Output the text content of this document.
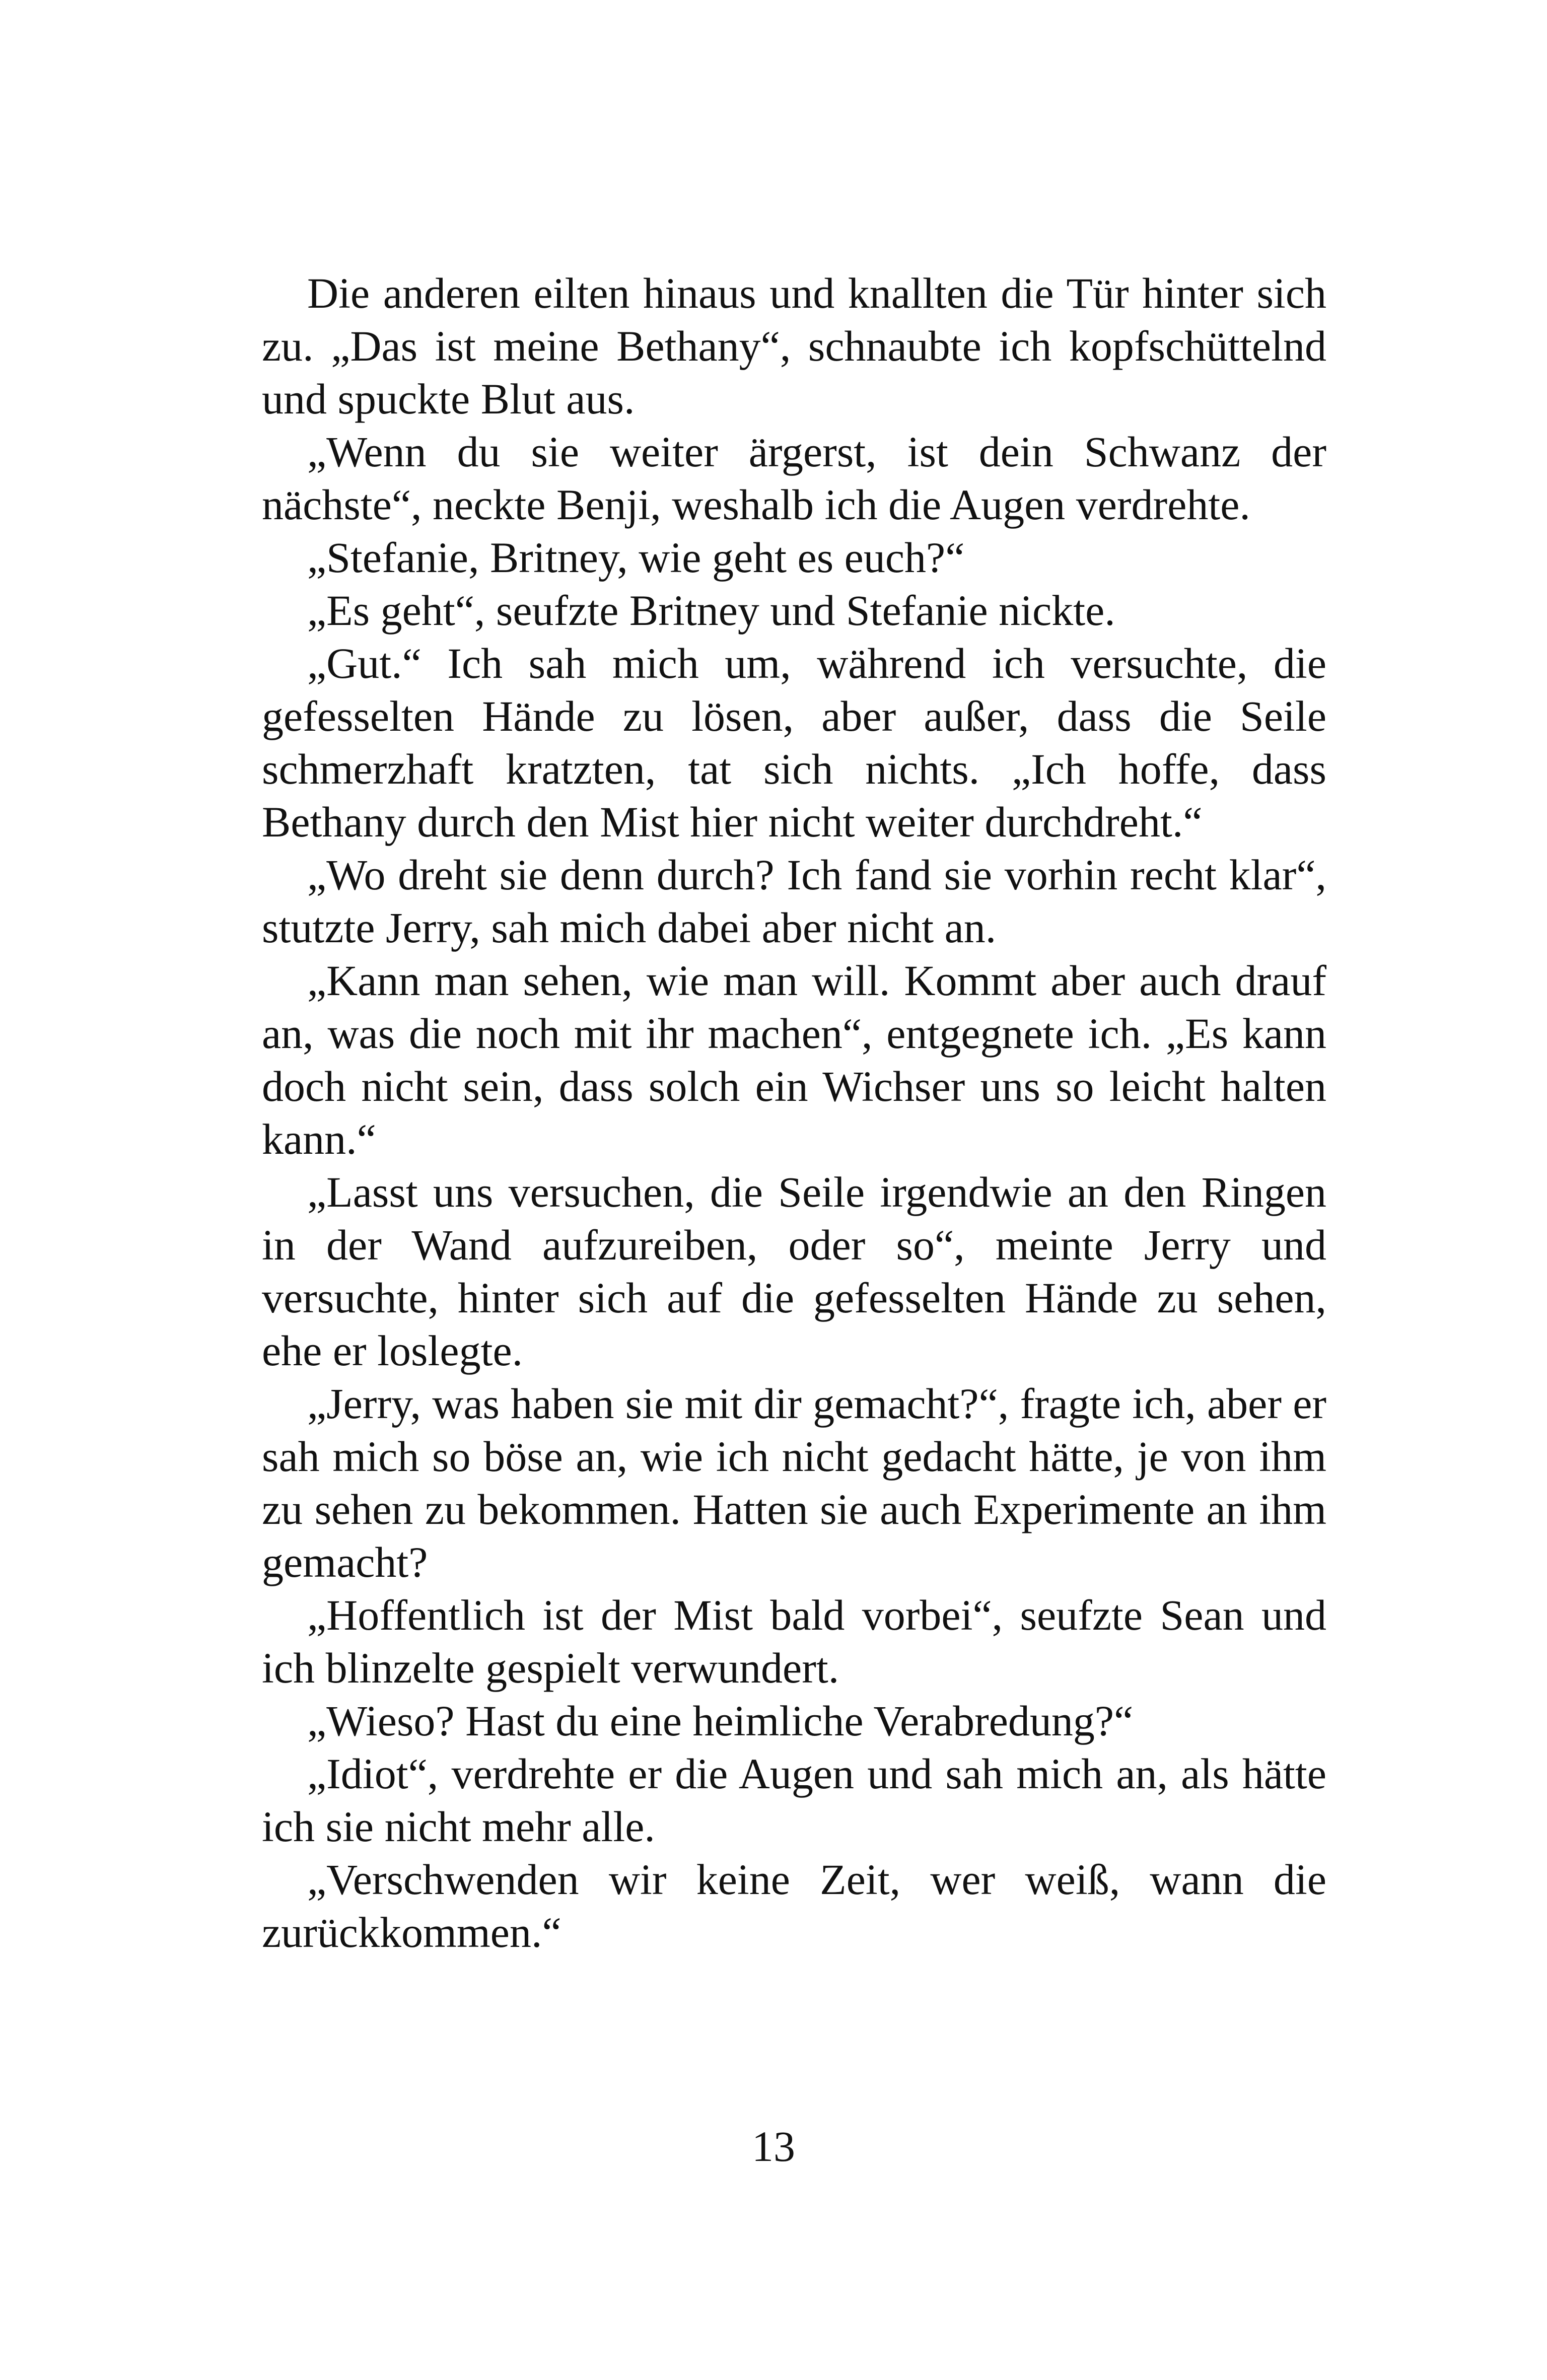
Die anderen eilten hinaus und knallten die Tür hinter sich zu. „Das ist meine Bethany“, schnaubte ich kopfschüttelnd und spuckte Blut aus.

„Wenn du sie weiter ärgerst, ist dein Schwanz der nächste“, neckte Benji, weshalb ich die Augen verdrehte.

„Stefanie, Britney, wie geht es euch?“

„Es geht“, seufzte Britney und Stefanie nickte.

„Gut.“ Ich sah mich um, während ich versuchte, die gefesselten Hände zu lösen, aber außer, dass die Seile schmerzhaft kratzten, tat sich nichts. „Ich hoffe, dass Bethany durch den Mist hier nicht weiter durchdreht.“

„Wo dreht sie denn durch? Ich fand sie vorhin recht klar“, stutzte Jerry, sah mich dabei aber nicht an.

„Kann man sehen, wie man will. Kommt aber auch drauf an, was die noch mit ihr machen“, entgegnete ich. „Es kann doch nicht sein, dass solch ein Wichser uns so leicht halten kann.“

„Lasst uns versuchen, die Seile irgendwie an den Ringen in der Wand aufzureiben, oder so“, meinte Jerry und versuchte, hinter sich auf die gefesselten Hände zu sehen, ehe er loslegte.

„Jerry, was haben sie mit dir gemacht?“, fragte ich, aber er sah mich so böse an, wie ich nicht gedacht hätte, je von ihm zu sehen zu bekommen. Hatten sie auch Experimente an ihm gemacht?

„Hoffentlich ist der Mist bald vorbei“, seufzte Sean und ich blinzelte gespielt verwundert.

„Wieso? Hast du eine heimliche Verabredung?“

„Idiot“, verdrehte er die Augen und sah mich an, als hätte ich sie nicht mehr alle.

„Verschwenden wir keine Zeit, wer weiß, wann die zurückkommen.“

13
